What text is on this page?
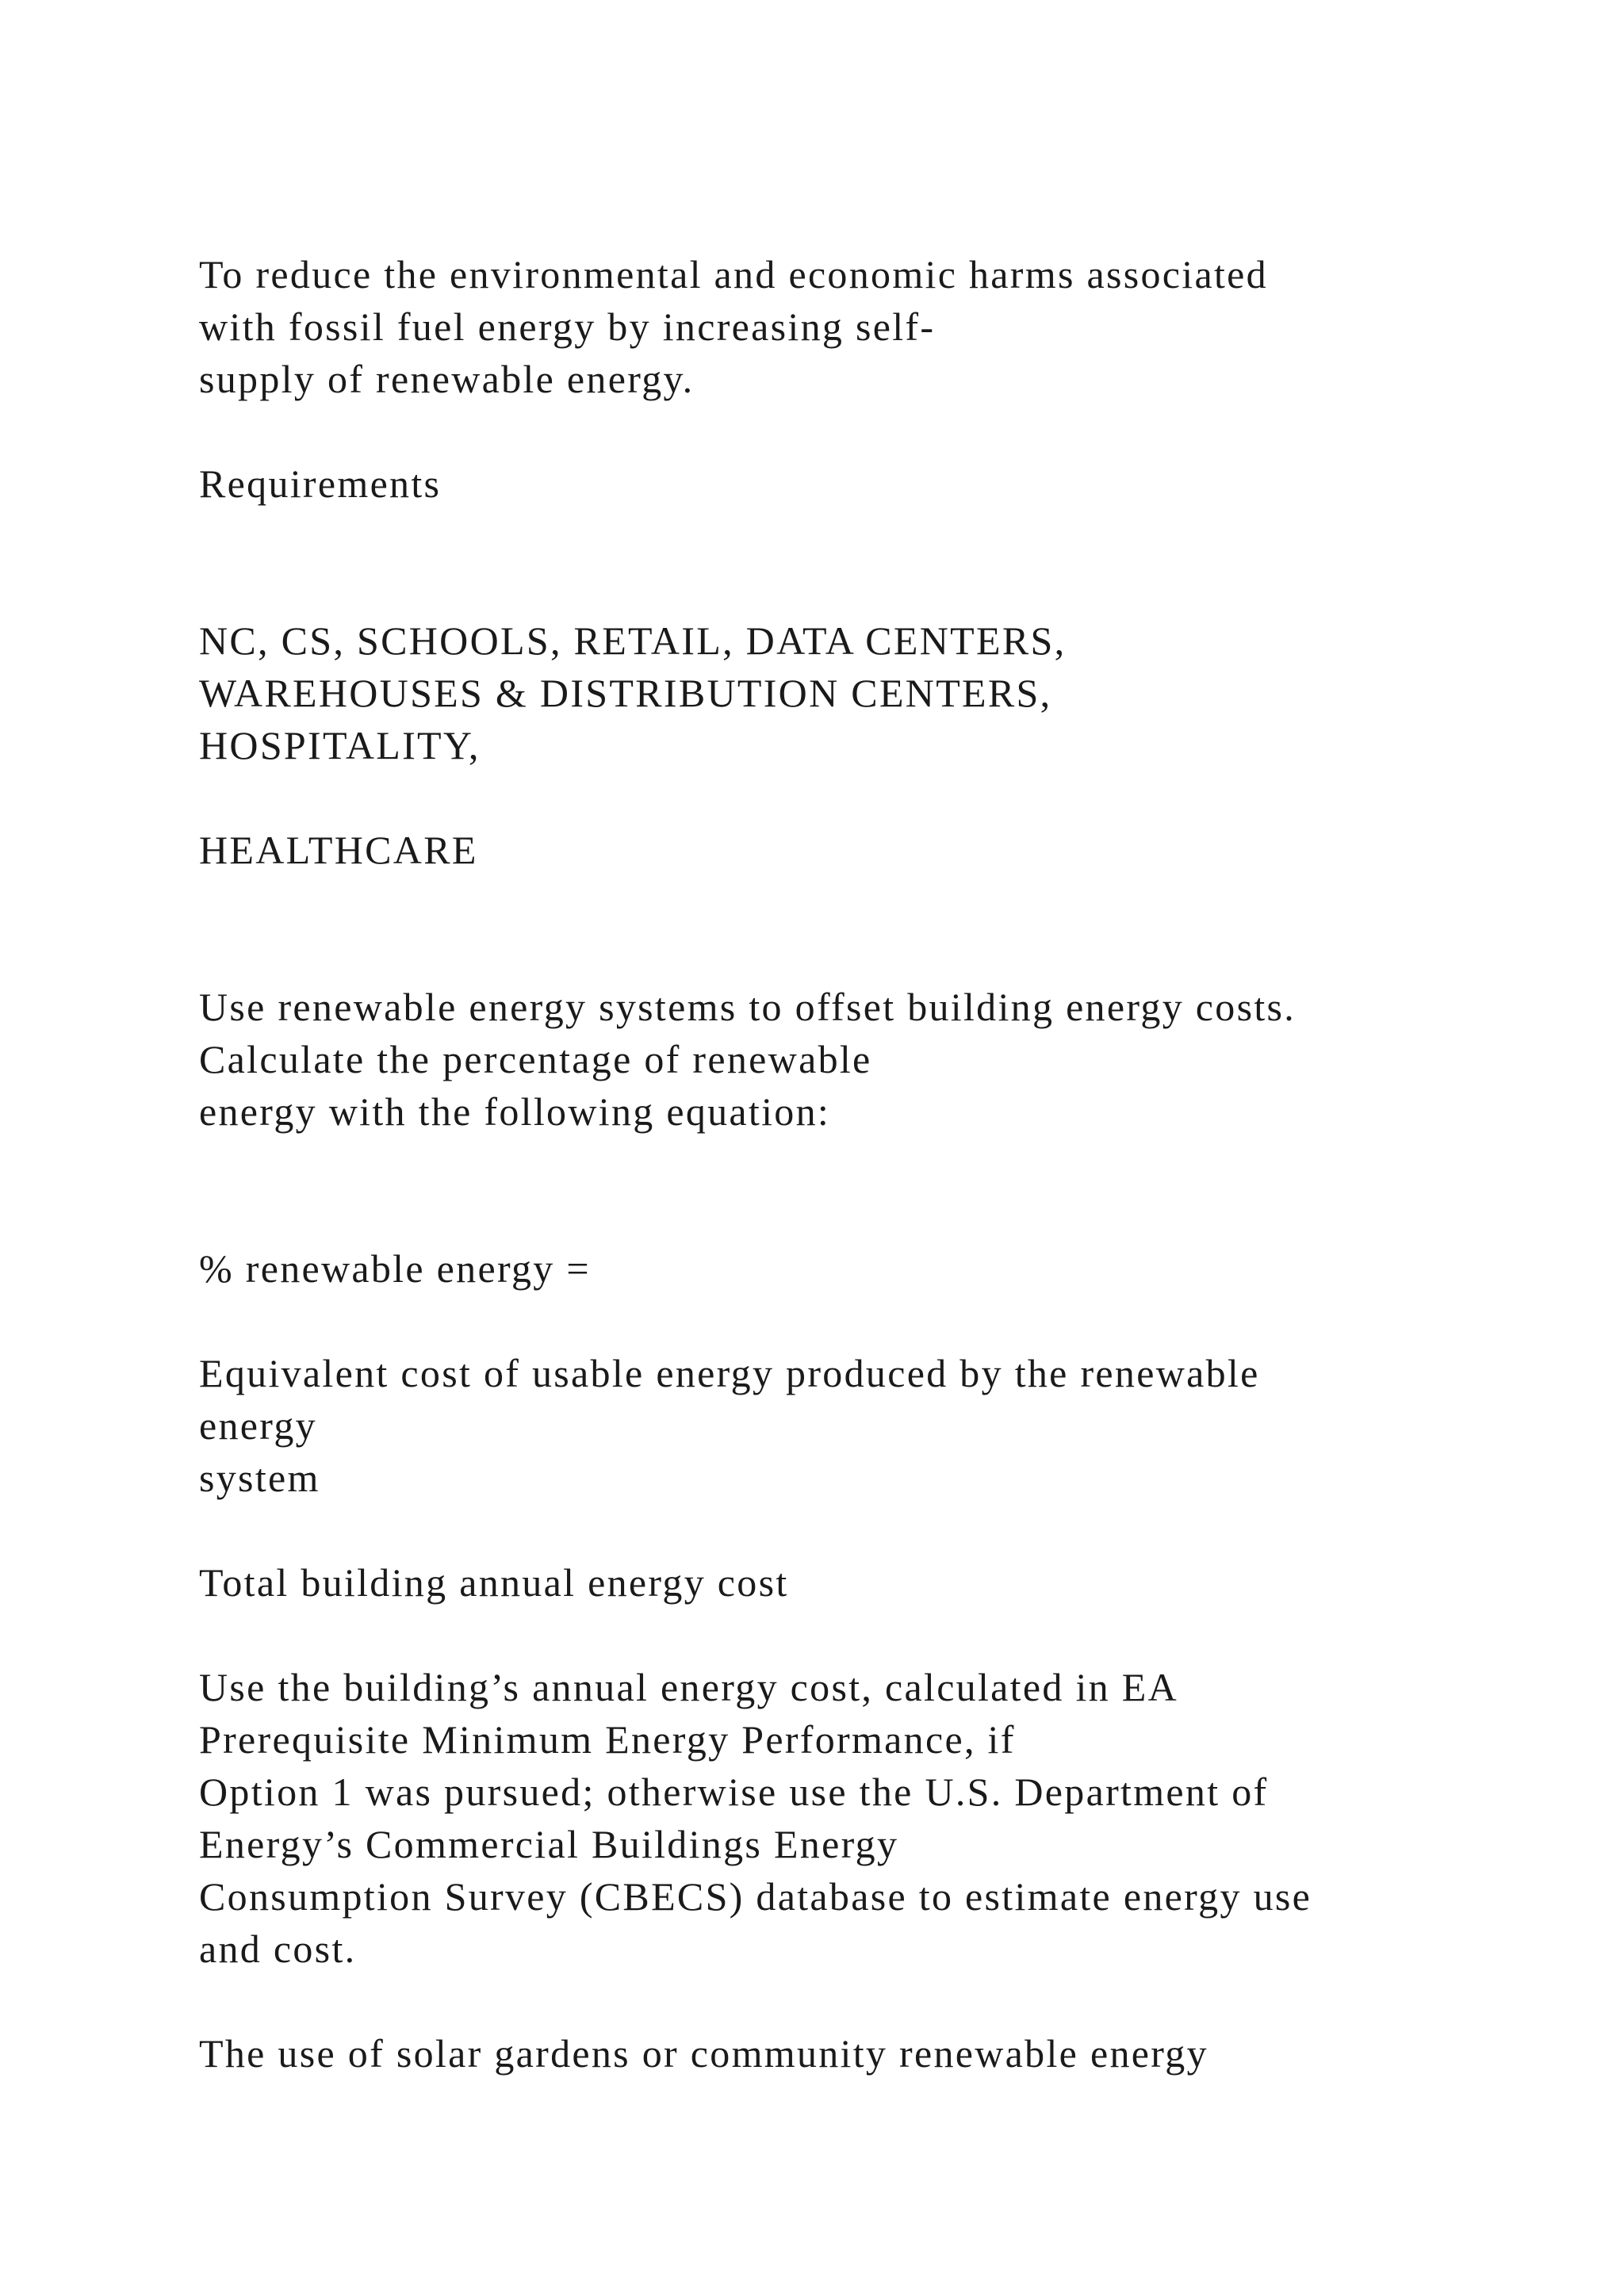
To reduce the environmental and economic harms associated

with fossil fuel energy by increasing self-

supply of renewable energy.

Requirements

NC, CS, SCHOOLS, RETAIL, DATA CENTERS,

WAREHOUSES & DISTRIBUTION CENTERS,

HOSPITALITY,

HEALTHCARE

Use renewable energy systems to offset building energy costs.

Calculate the percentage of renewable

energy with the following equation:

% renewable energy =

Equivalent cost of usable energy produced by the renewable

energy

system

Total building annual energy cost

Use the building’s annual energy cost, calculated in EA

Prerequisite Minimum Energy Performance, if

Option 1 was pursued; otherwise use the U.S. Department of

Energy’s Commercial Buildings Energy

Consumption Survey (CBECS) database to estimate energy use

and cost.

The use of solar gardens or community renewable energy
